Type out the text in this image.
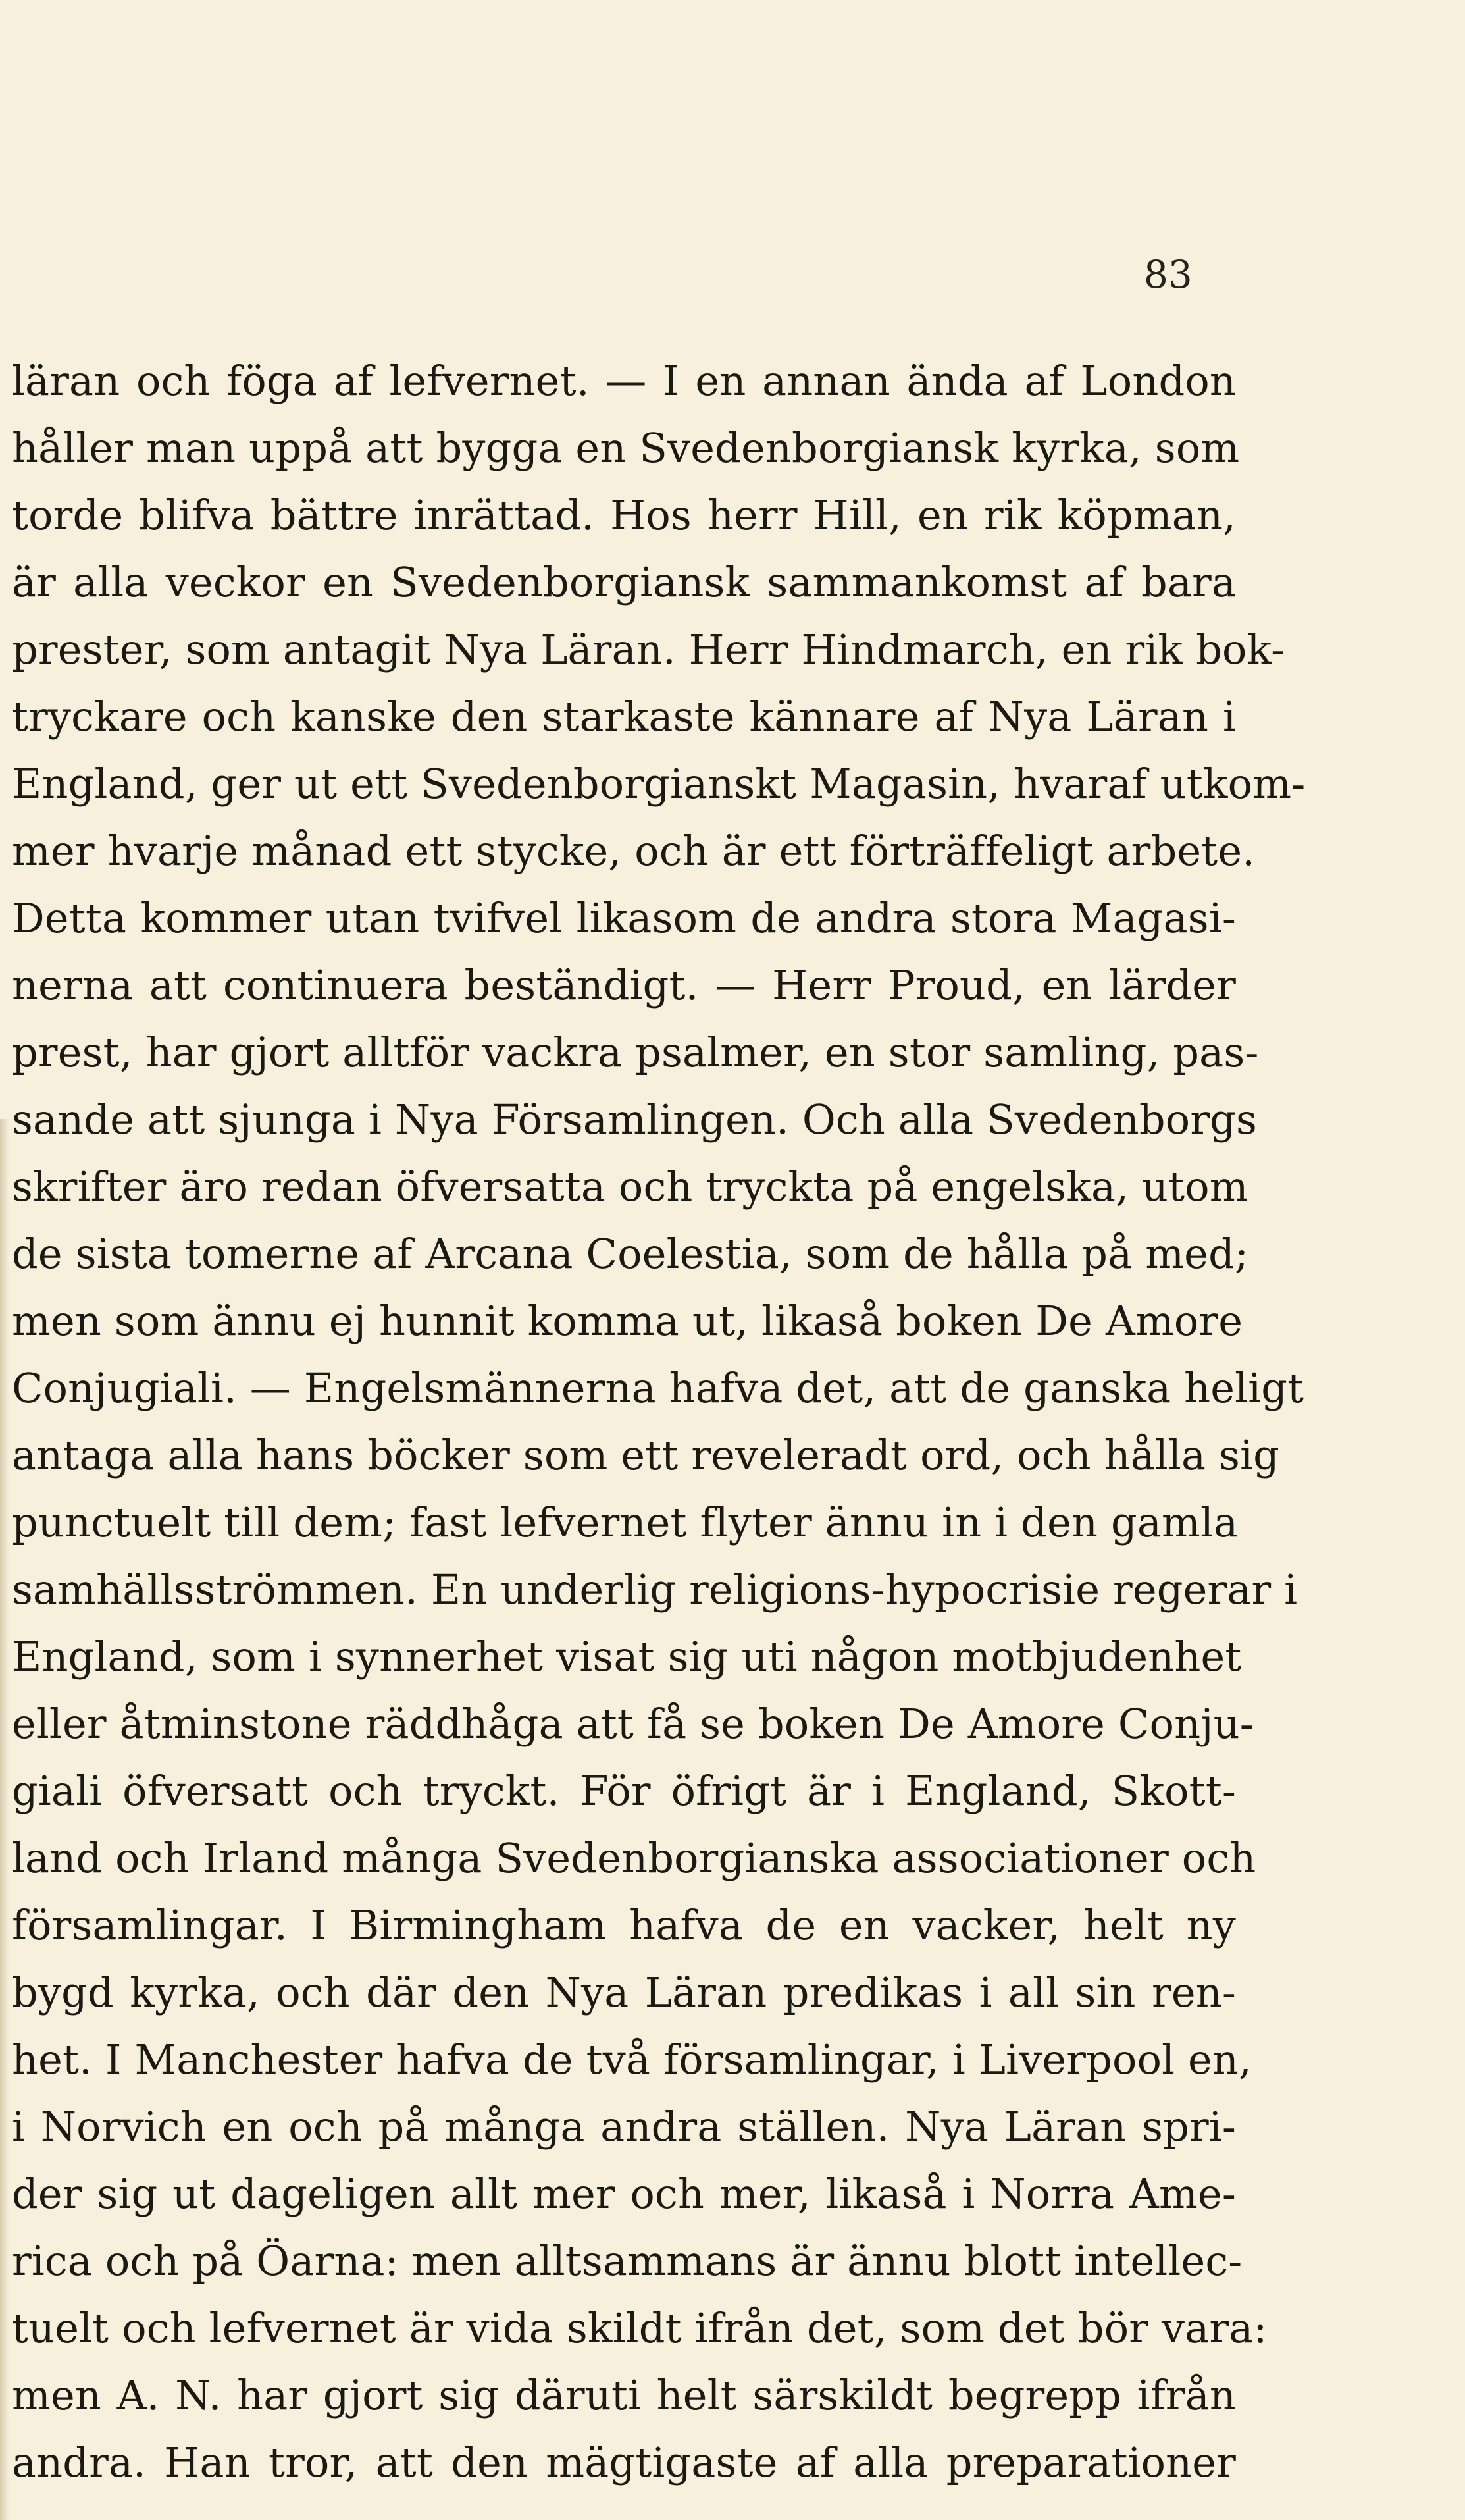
83
läran och föga af lefvernet. — I en annan ända af London
håller man uppå att bygga en Svedenborgiansk kyrka, som
torde blifva bättre inrättad. Hos herr Hill, en rik köpman,
är alla veckor en Svedenborgiansk sammankomst af bara
prester, som antagit Nya Läran. Herr Hindmarch, en rik bok-
tryckare och kanske den starkaste kännare af Nya Läran i
England, ger ut ett Svedenborgianskt Magasin, hvaraf utkom-
mer hvarje månad ett stycke, och är ett förträffeligt arbete.
Detta kommer utan tvifvel likasom de andra stora Magasi-
nerna att continuera beständigt. — Herr Proud, en lärder
prest, har gjort alltför vackra psalmer, en stor samling, pas-
sande att sjunga i Nya Församlingen. Och alla Svedenborgs
skrifter äro redan öfversatta och tryckta på engelska, utom
de sista tomerne af Arcana Coelestia, som de hålla på med;
men som ännu ej hunnit komma ut, likaså boken De Amore
Conjugiali. — Engelsmännerna hafva det, att de ganska heligt
antaga alla hans böcker som ett reveleradt ord, och hålla sig
punctuelt till dem; fast lefvernet flyter ännu in i den gamla
samhällsströmmen. En underlig religions-hypocrisie regerar i
England, som i synnerhet visat sig uti någon motbjudenhet
eller åtminstone räddhåga att få se boken De Amore Conju-
giali öfversatt och tryckt. För öfrigt är i England, Skott-
land och Irland många Svedenborgianska associationer och
församlingar. I Birmingham hafva de en vacker, helt ny
bygd kyrka, och där den Nya Läran predikas i all sin ren-
het. I Manchester hafva de två församlingar, i Liverpool en,
i Norvich en och på många andra ställen. Nya Läran spri-
der sig ut dageligen allt mer och mer, likaså i Norra Ame-
rica och på Öarna: men alltsammans är ännu blott intellec-
tuelt och lefvernet är vida skildt ifrån det, som det bör vara:
men A. N. har gjort sig däruti helt särskildt begrepp ifrån
andra. Han tror, att den mägtigaste af alla preparationer
